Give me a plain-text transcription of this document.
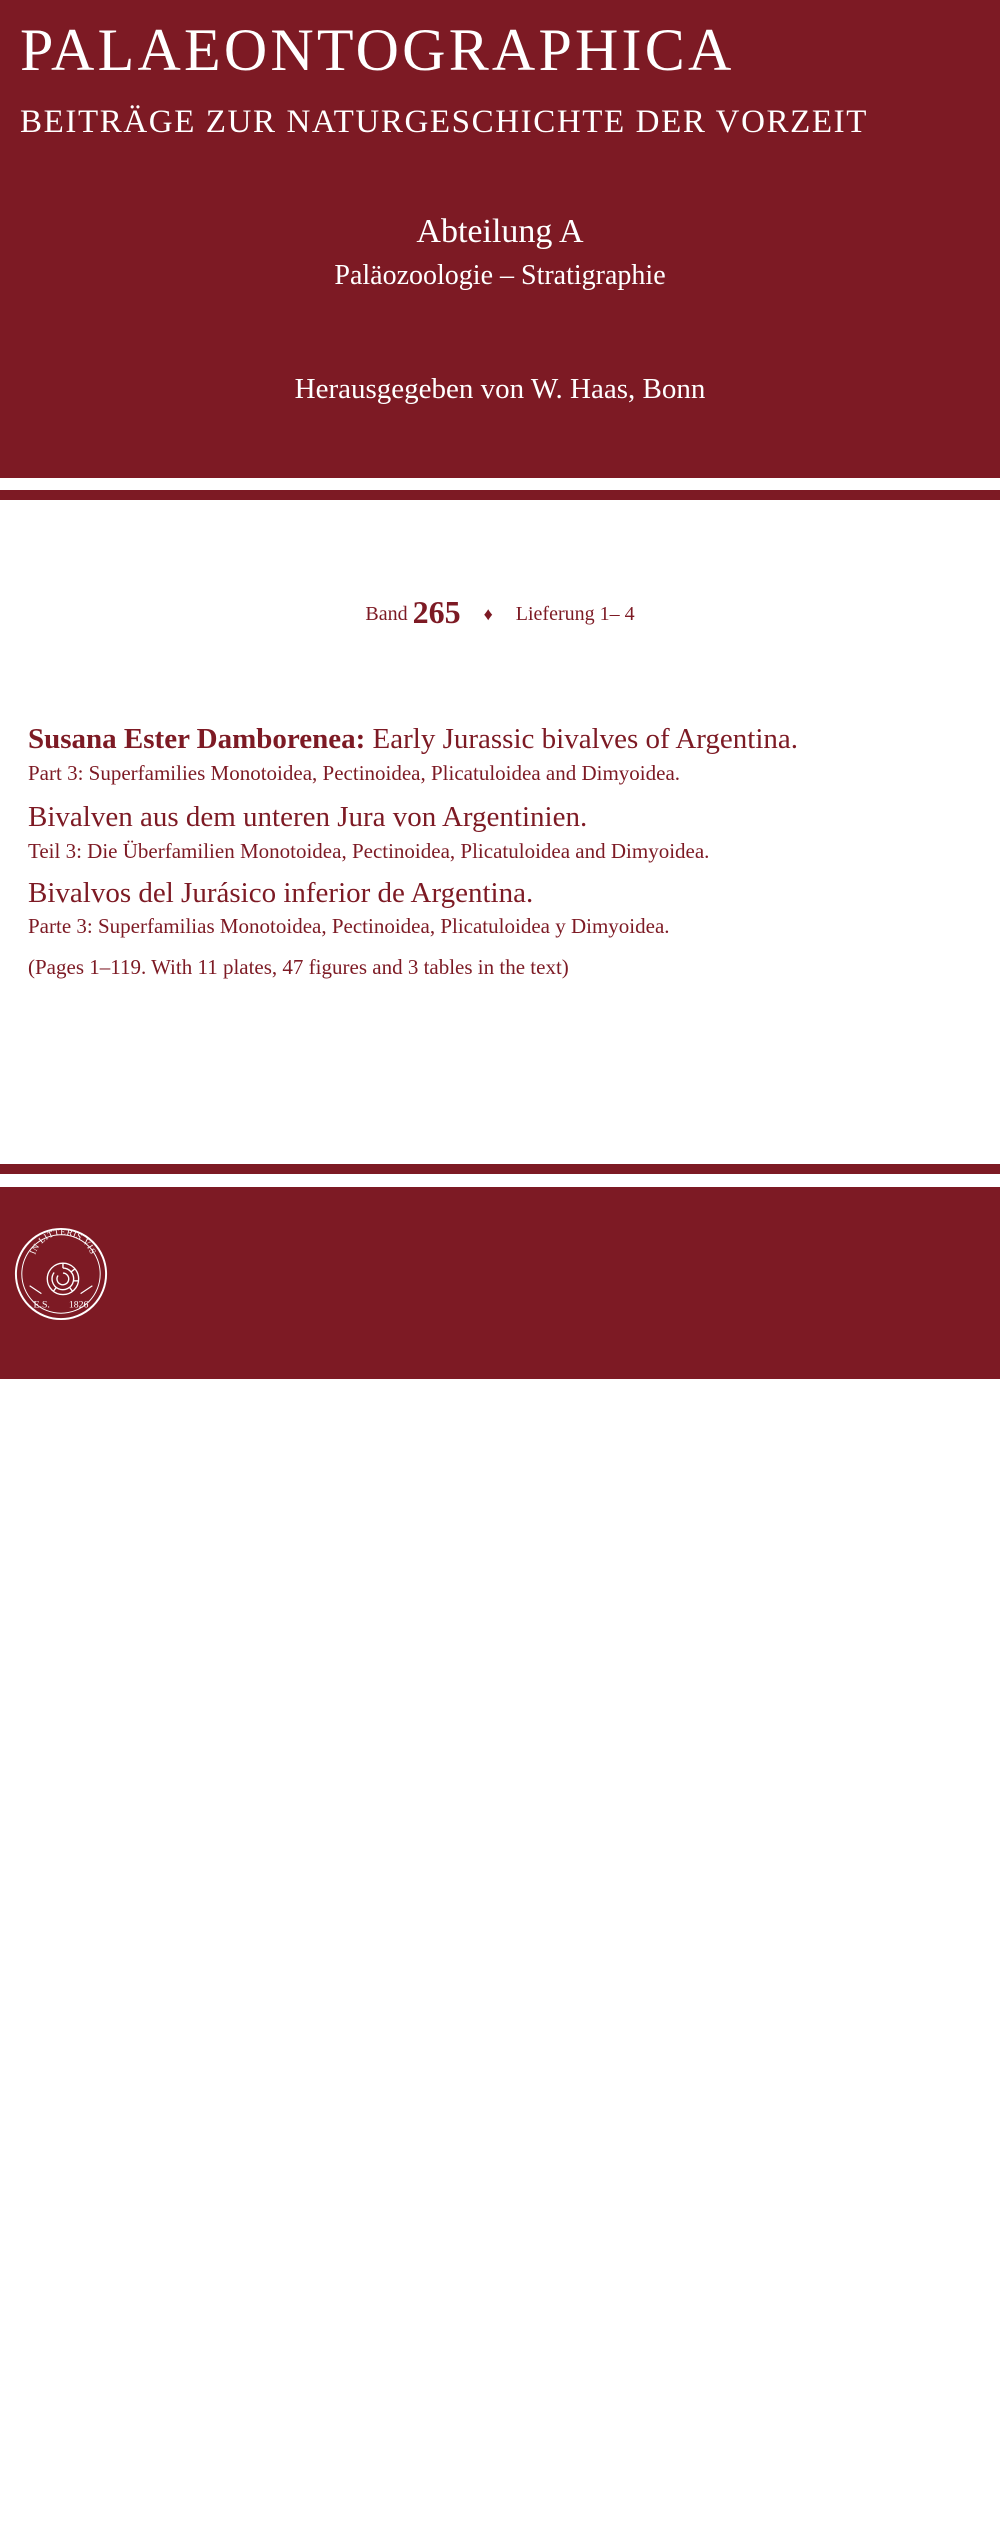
PALAEONTOGRAPHICA
BEITRÄGE ZUR NATURGESCHICHTE DER VORZEIT
Abteilung A
Paläozoologie – Stratigraphie
Herausgegeben von W. Haas, Bonn
Band 265 ♦ Lieferung 1– 4
Susana Ester Damborenea: Early Jurassic bivalves of Argentina.
Part 3: Superfamilies Monotoidea, Pectinoidea, Plicatuloidea and Dimyoidea.
Bivalven aus dem unteren Jura von Argentinien.
Teil 3: Die Überfamilien Monotoidea, Pectinoidea, Plicatuloidea and Dimyoidea.
Bivalvos del Jurásico inferior de Argentina.
Parte 3: Superfamilias Monotoidea, Pectinoidea, Plicatuloidea y Dimyoidea.
(Pages 1–119. With 11 plates, 47 figures and 3 tables in the text)
E. Schweizerbart’sche Verlagsbuchhandlung
(Nägele u. Obermiller) • Stuttgart 2002
ISSN 0375-0442
IN LITTERIS VIS
E.S. 1826
